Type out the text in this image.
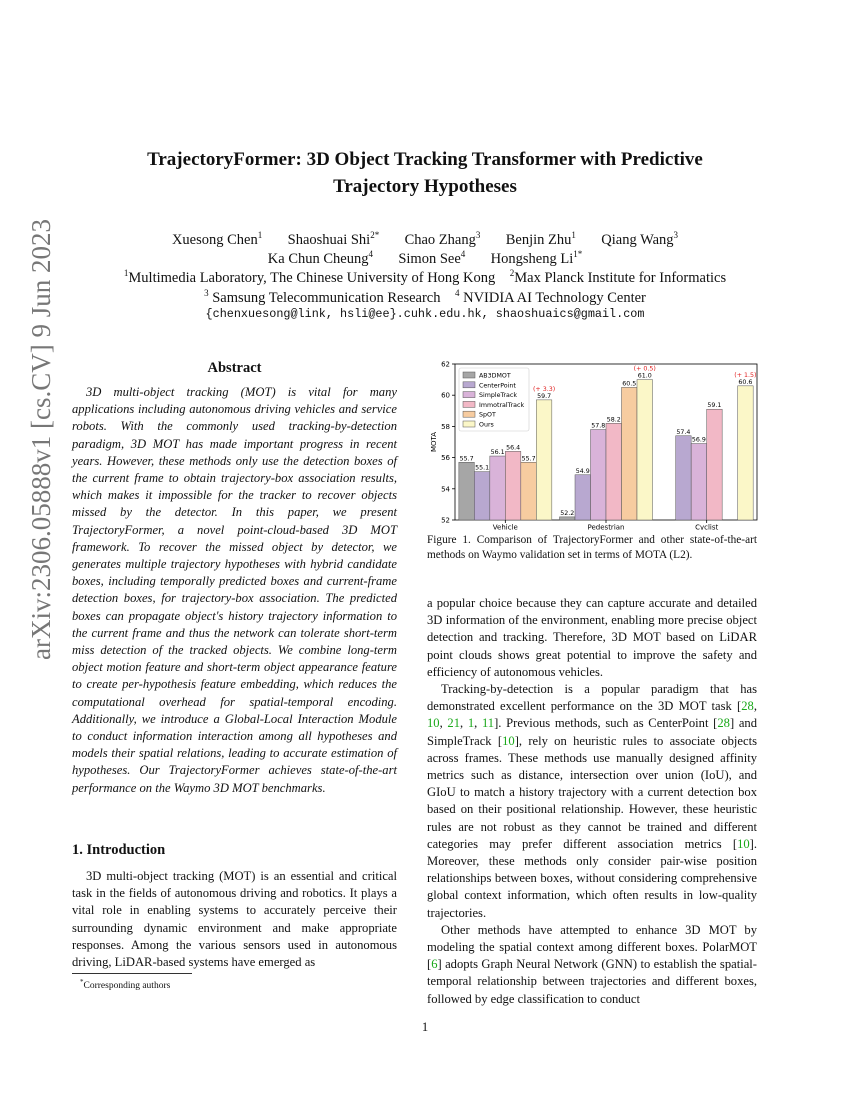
arXiv:2306.05888v1 [cs.CV] 9 Jun 2023
TrajectoryFormer: 3D Object Tracking Transformer with Predictive
Trajectory Hypotheses
Xuesong Chen$^1$ Shaoshuai Shi$^{2*}$ Chao Zhang$^3$ Benjin Zhu$^1$ Qiang Wang$^3$
Ka Chun Cheung$^4$ Simon See$^4$ Hongsheng $Li^{1*}$
$^1$Multimedia Laboratory, The Chinese University of Hong Kong $^2$Max Planck Institute for Informatics
$^3$ Samsung Telecommunication Research $^4$ NVIDIA AI Technology Center
{chenxuesong@link, hsli@ee}.cuhk.edu.hk, shaoshuaics@gmail.com
Abstract

3D multi-object tracking (MOT) is vital for many applications including autonomous driving vehicles and service robots. With the commonly used tracking-by-detection paradigm, 3D MOT has made important progress in recent years. However, these methods only use the detection boxes of the current frame to obtain trajectory-box association results, which makes it impossible for the tracker to recover objects missed by the detector. In this paper, we present TrajectoryFormer, a novel point-cloud-based 3D MOT framework. To recover the missed object by detector, we generates multiple trajectory hypotheses with hybrid candidate boxes, including temporally predicted boxes and current-frame detection boxes, for trajectory-box association. The predicted boxes can propagate object's history trajectory information to the current frame and thus the network can tolerate short-term miss detection of the tracked objects. We combine long-term object motion feature and short-term object appearance feature to create per-hypothesis feature embedding, which reduces the computational overhead for spatial-temporal encoding. Additionally, we introduce a Global-Local Interaction Module to conduct information interaction among all hypotheses and models their spatial relations, leading to accurate estimation of hypotheses. Our TrajectoryFormer achieves state-of-the-art performance on the Waymo 3D MOT benchmarks.

1. Introduction

3D multi-object tracking (MOT) is an essential and critical task in the fields of autonomous driving and robotics. It plays a vital role in enabling systems to accurately perceive their surrounding dynamic environment and make appropriate responses. Among the various sensors used in autonomous driving, LiDAR-based systems have emerged as

*Corresponding authors
52
54
56
58
60
62
MOTA
55.7
55.1
56.1
56.4
55.7
59.7
(+ 3.3)
Vehicle
52.2
54.9
57.8
58.2
60.5
61.0
(+ 0.5)
Pedestrian
57.4
56.9
59.1
60.6
(+ 1.5)
Cyclist
AB3DMOT
CenterPoint
SimpleTrack
ImmotralTrack
SpOT
Ours
Figure 1. Comparison of TrajectoryFormer and other state-of-the-art methods on Waymo validation set in terms of MOTA (L2).

a popular choice because they can capture accurate and detailed 3D information of the environment, enabling more precise object detection and tracking. Therefore, 3D MOT based on LiDAR point clouds shows great potential to improve the safety and efficiency of autonomous vehicles.

Tracking-by-detection is a popular paradigm that has demonstrated excellent performance on the 3D MOT task [28, 10, 21, 1, 11]. Previous methods, such as CenterPoint [28] and SimpleTrack [10], rely on heuristic rules to associate objects across frames. These methods use manually designed affinity metrics such as distance, intersection over union (IoU), and GIoU to match a history trajectory with a current detection box based on their positional relationship. However, these heuristic rules are not robust as they cannot be trained and different categories may prefer different association metrics [10]. Moreover, these methods only consider pair-wise position relationships between boxes, without considering comprehensive global context information, which often results in low-quality trajectories.

Other methods have attempted to enhance 3D MOT by modeling the spatial context among different boxes. PolarMOT [6] adopts Graph Neural Network (GNN) to establish the spatial-temporal relationship between trajectories and different boxes, followed by edge classification to conduct

1
